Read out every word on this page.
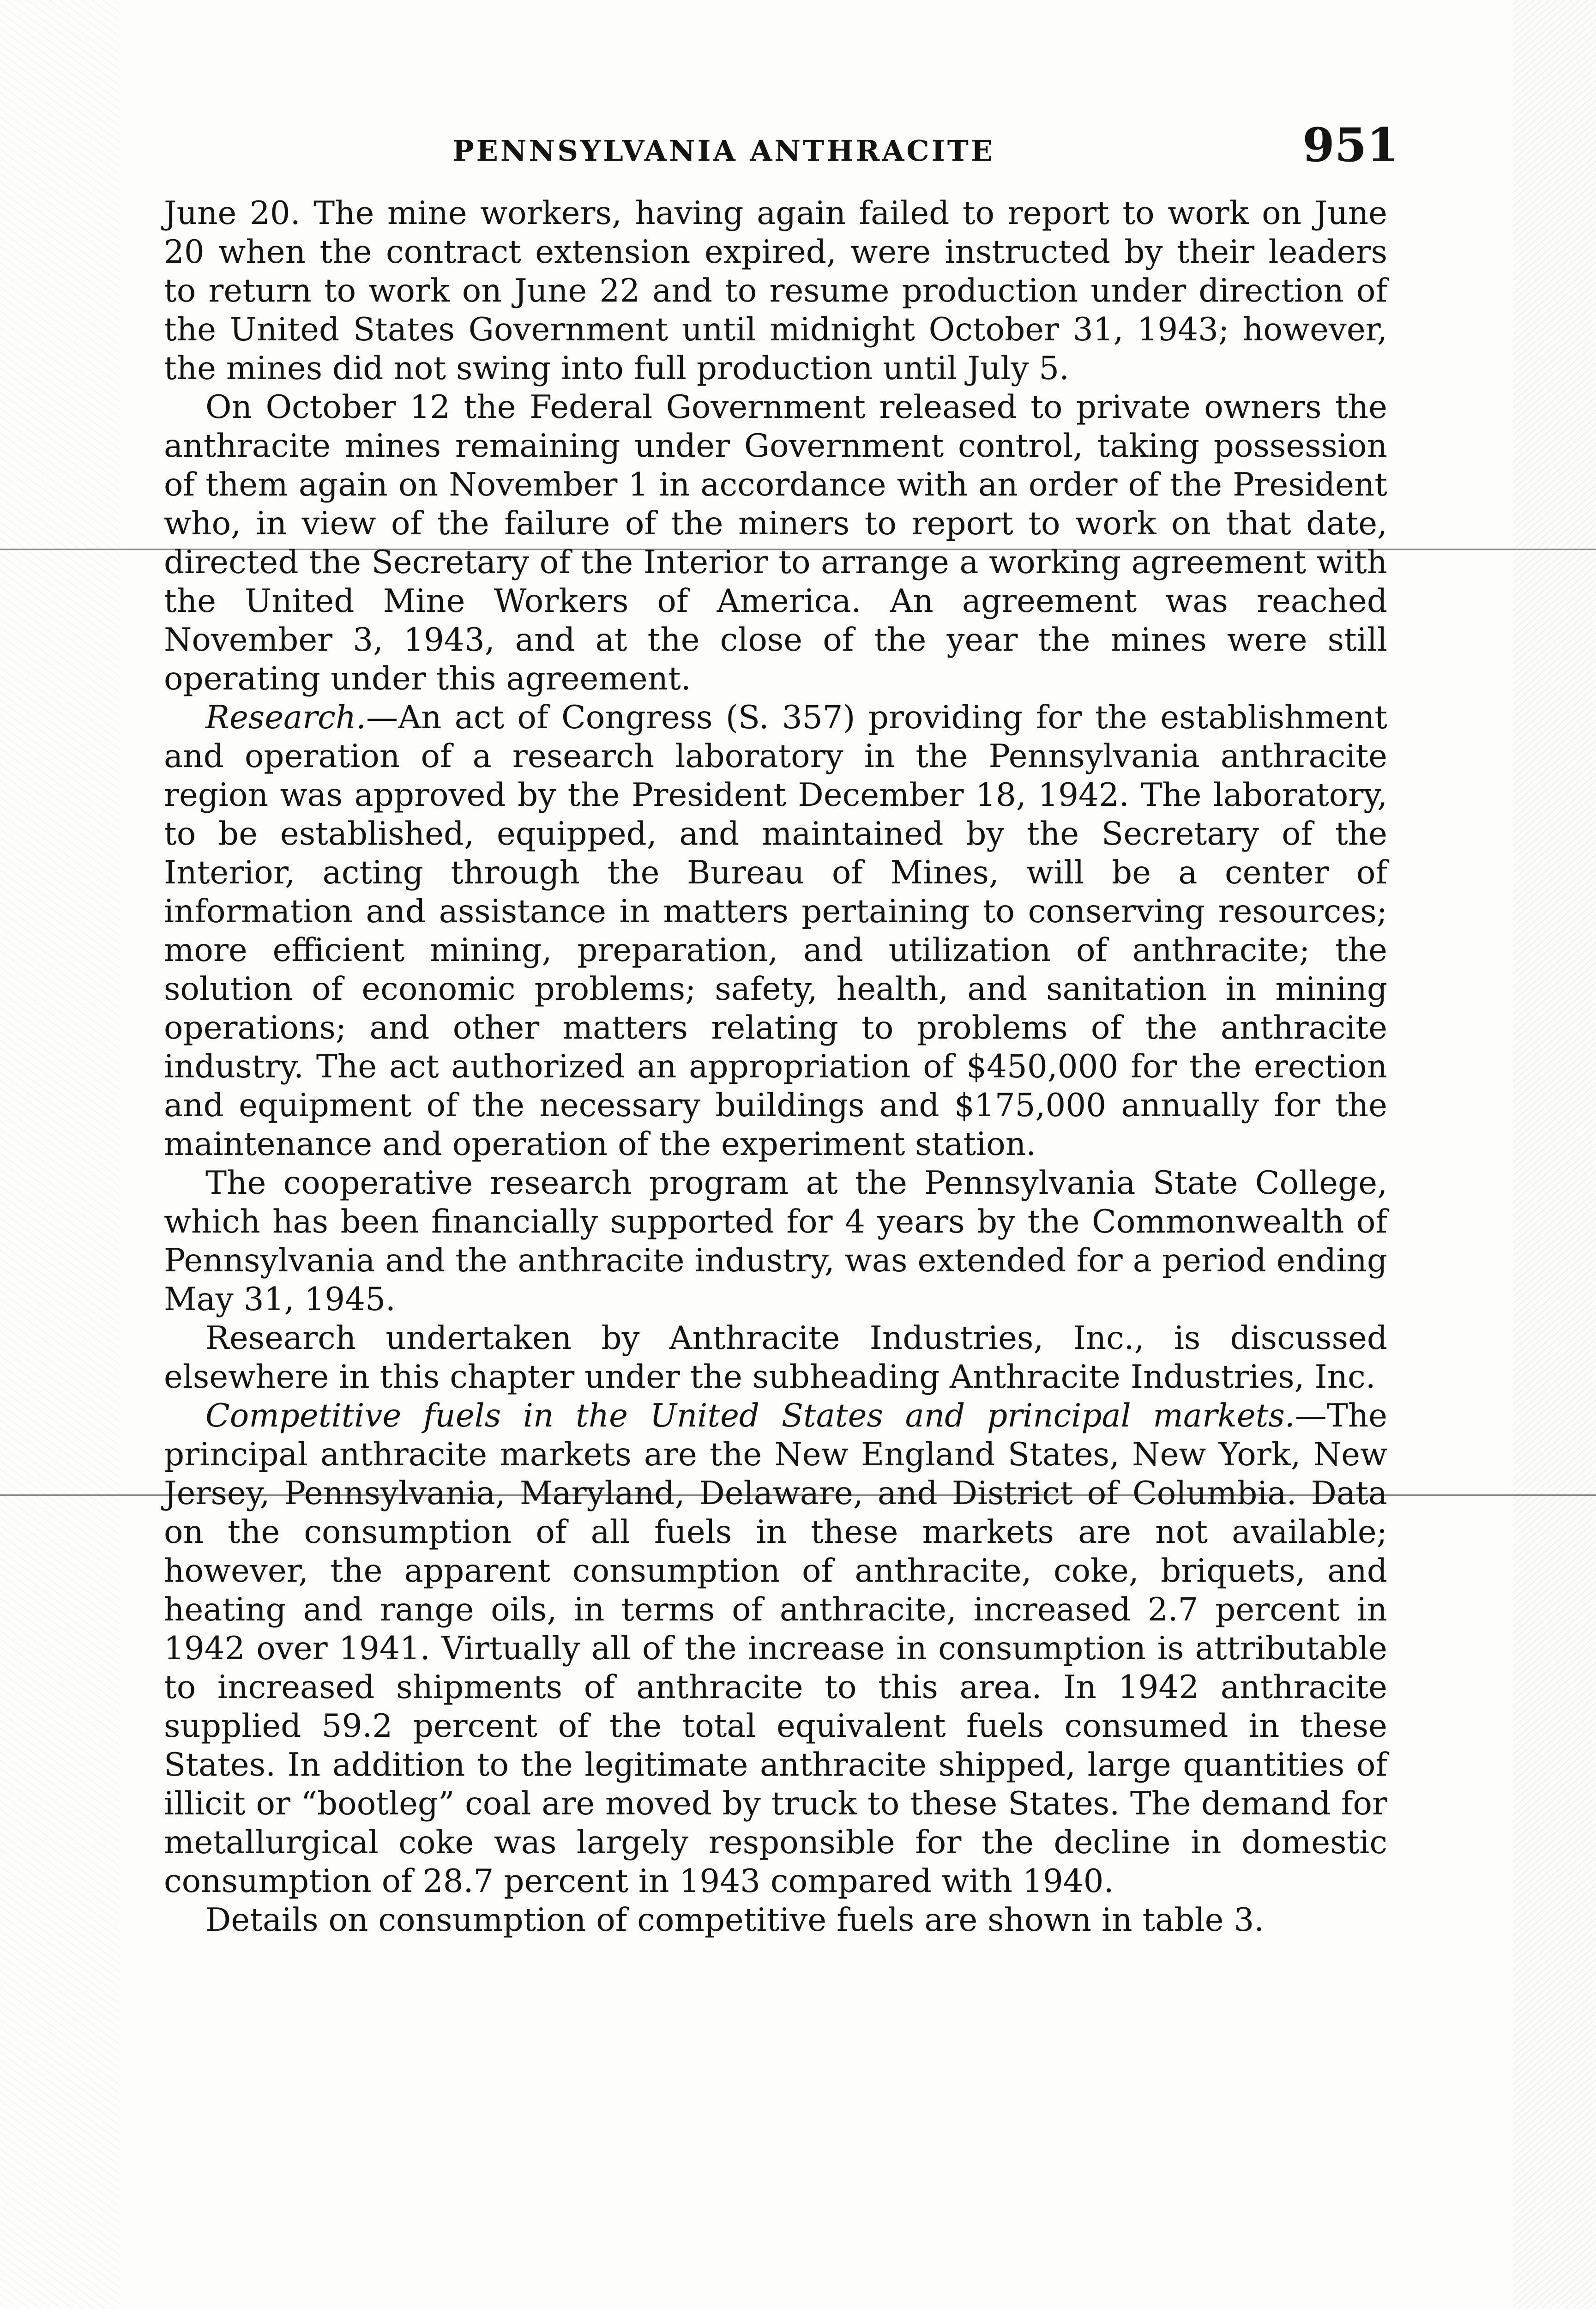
PENNSYLVANIA ANTHRACITE	951

June 20. The mine workers, having again failed to report to work on June 20 when the contract extension expired, were instructed by their leaders to return to work on June 22 and to resume production under direction of the United States Government until midnight October 31, 1943; however, the mines did not swing into full production until July 5.

On October 12 the Federal Government released to private owners the anthracite mines remaining under Government control, taking possession of them again on November 1 in accordance with an order of the President who, in view of the failure of the miners to report to work on that date, directed the Secretary of the Interior to arrange a working agreement with the United Mine Workers of America. An agreement was reached November 3, 1943, and at the close of the year the mines were still operating under this agreement.

Research.—An act of Congress (S. 357) providing for the establishment and operation of a research laboratory in the Pennsylvania anthracite region was approved by the President December 18, 1942. The laboratory, to be established, equipped, and maintained by the Secretary of the Interior, acting through the Bureau of Mines, will be a center of information and assistance in matters pertaining to conserving resources; more efficient mining, preparation, and utilization of anthracite; the solution of economic problems; safety, health, and sanitation in mining operations; and other matters relating to problems of the anthracite industry. The act authorized an appropriation of $450,000 for the erection and equipment of the necessary buildings and $175,000 annually for the maintenance and operation of the experiment station.

The cooperative research program at the Pennsylvania State College, which has been financially supported for 4 years by the Commonwealth of Pennsylvania and the anthracite industry, was extended for a period ending May 31, 1945.

Research undertaken by Anthracite Industries, Inc., is discussed elsewhere in this chapter under the subheading Anthracite Industries, Inc.

Competitive fuels in the United States and principal markets.—The principal anthracite markets are the New England States, New York, New Jersey, Pennsylvania, Maryland, Delaware, and District of Columbia. Data on the consumption of all fuels in these markets are not available; however, the apparent consumption of anthracite, coke, briquets, and heating and range oils, in terms of anthracite, increased 2.7 percent in 1942 over 1941. Virtually all of the increase in consumption is attributable to increased shipments of anthracite to this area. In 1942 anthracite supplied 59.2 percent of the total equivalent fuels consumed in these States. In addition to the legitimate anthracite shipped, large quantities of illicit or “bootleg” coal are moved by truck to these States. The demand for metallurgical coke was largely responsible for the decline in domestic consumption of 28.7 percent in 1943 compared with 1940.

Details on consumption of competitive fuels are shown in table 3.
